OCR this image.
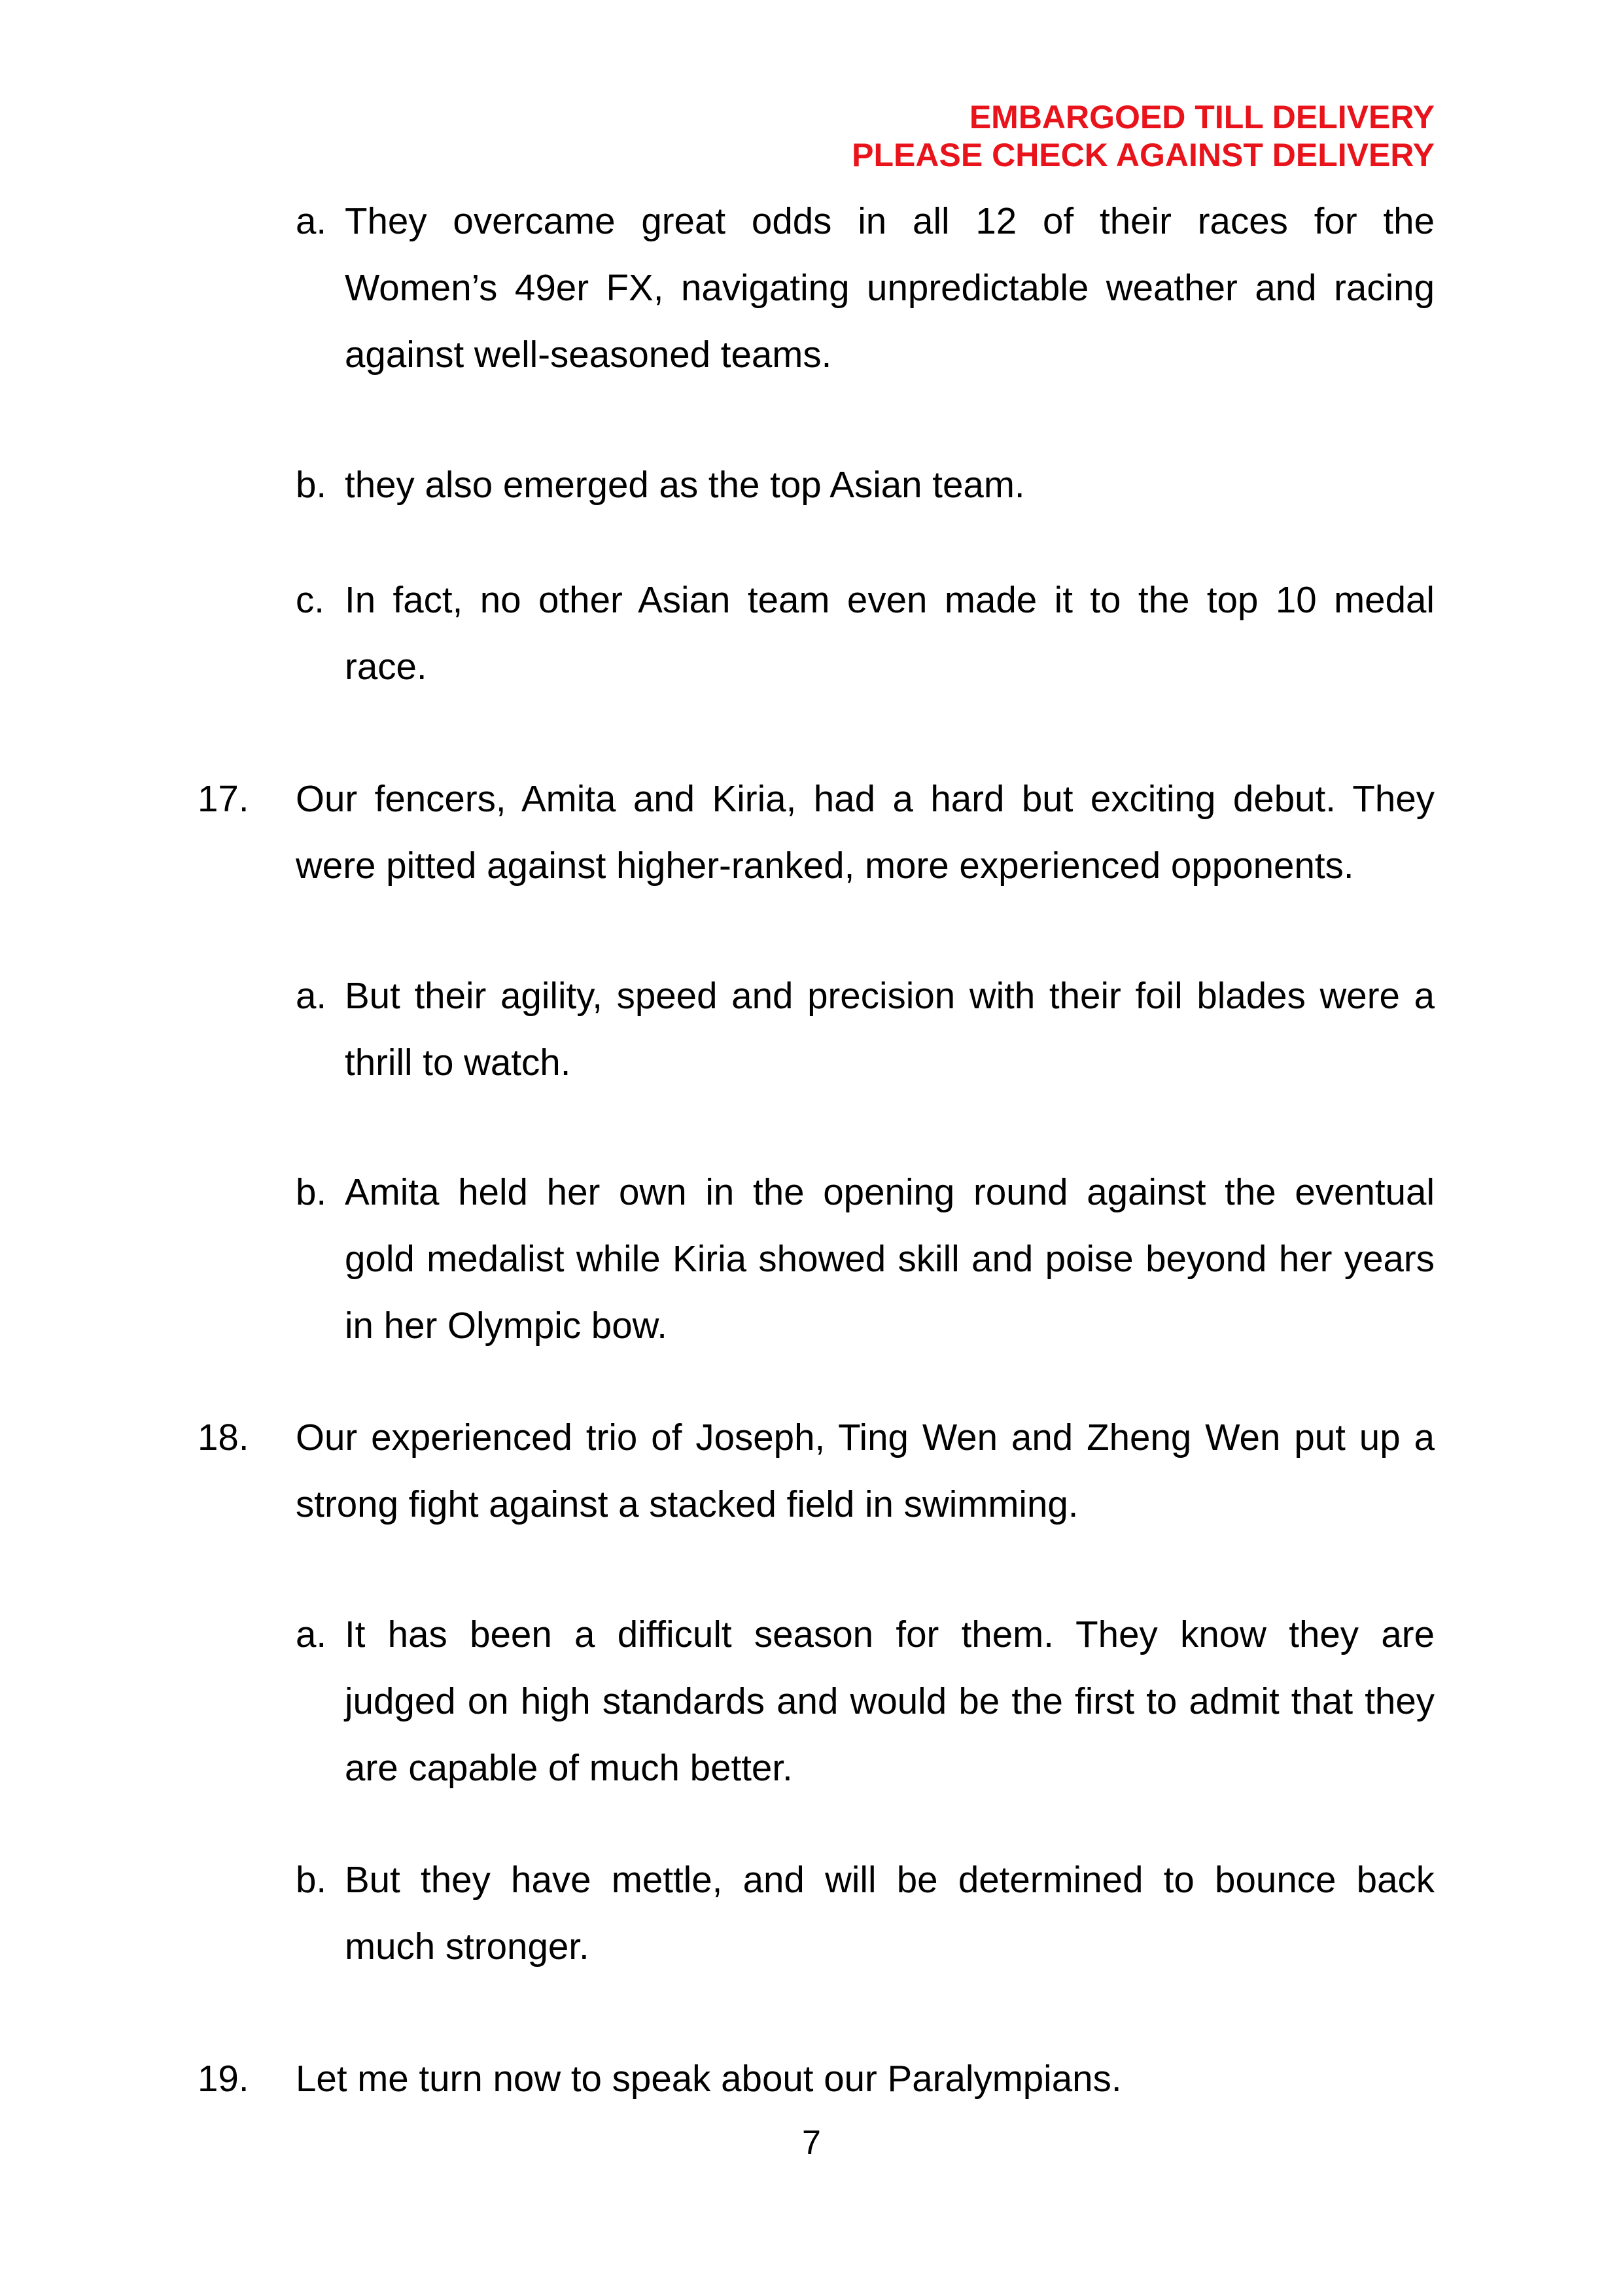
EMBARGOED TILL DELIVERY
PLEASE CHECK AGAINST DELIVERY
a. They overcame great odds in all 12 of their races for the
Women’s 49er FX, navigating unpredictable weather and racing
against well-seasoned teams.
b. they also emerged as the top Asian team.
c. In fact, no other Asian team even made it to the top 10 medal
race.
17. Our fencers, Amita and Kiria, had a hard but exciting debut. They
were pitted against higher-ranked, more experienced opponents.
a. But their agility, speed and precision with their foil blades were a
thrill to watch.
b. Amita held her own in the opening round against the eventual
gold medalist while Kiria showed skill and poise beyond her years
in her Olympic bow.
18. Our experienced trio of Joseph, Ting Wen and Zheng Wen put up a
strong fight against a stacked field in swimming.
a. It has been a difficult season for them. They know they are
judged on high standards and would be the first to admit that they
are capable of much better.
b. But they have mettle, and will be determined to bounce back
much stronger.
19. Let me turn now to speak about our Paralympians.
7
